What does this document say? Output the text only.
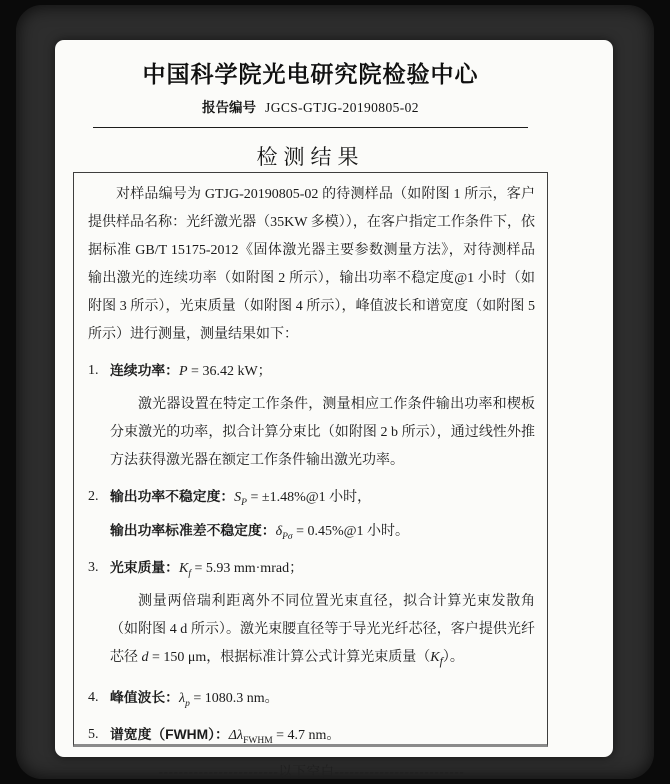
中国科学院光电研究院检验中心
报告编号 JGCS-GTJG-20190805-02
检测结果

对样品编号为 GTJG-20190805-02 的待测样品（如附图 1 所示，客户提供样品名称：光纤激光器（35KW 多模）），在客户指定工作条件下，依据标准 GB/T 15175-2012《固体激光器主要参数测量方法》，对待测样品输出激光的连续功率（如附图 2 所示），输出功率不稳定度@1 小时（如附图 3 所示），光束质量（如附图 4 所示），峰值波长和谱宽度（如附图 5 所示）进行测量，测量结果如下：

1. 连续功率：P = 36.42 kW；

激光器设置在特定工作条件，测量相应工作条件输出功率和楔板分束激光的功率，拟合计算分束比（如附图 2 b 所示），通过线性外推方法获得激光器在额定工作条件输出激光功率。

2. 输出功率不稳定度：$S_P$ = ±1.48%@1 小时，
输出功率标准差不稳定度：$\delta_{P\sigma}$ = 0.45%@1 小时。
3. 光束质量：$K_f = 5.93$ mm·mrad；

测量两倍瑞利距离外不同位置光束直径，拟合计算光束发散角（如附图 4 d 所示）。激光束腰直径等于导光光纤芯径，客户提供光纤芯径 d = 150 μm，根据标准计算公式计算光束质量$(K_f)$。

4. 峰值波长：$\lambda_p = 1080.3$ nm。
5. 谱宽度（FWHM）：$\Delta\lambda_{FWHM} = 4.7$ nm。
------------------------以下空白--------------------------
